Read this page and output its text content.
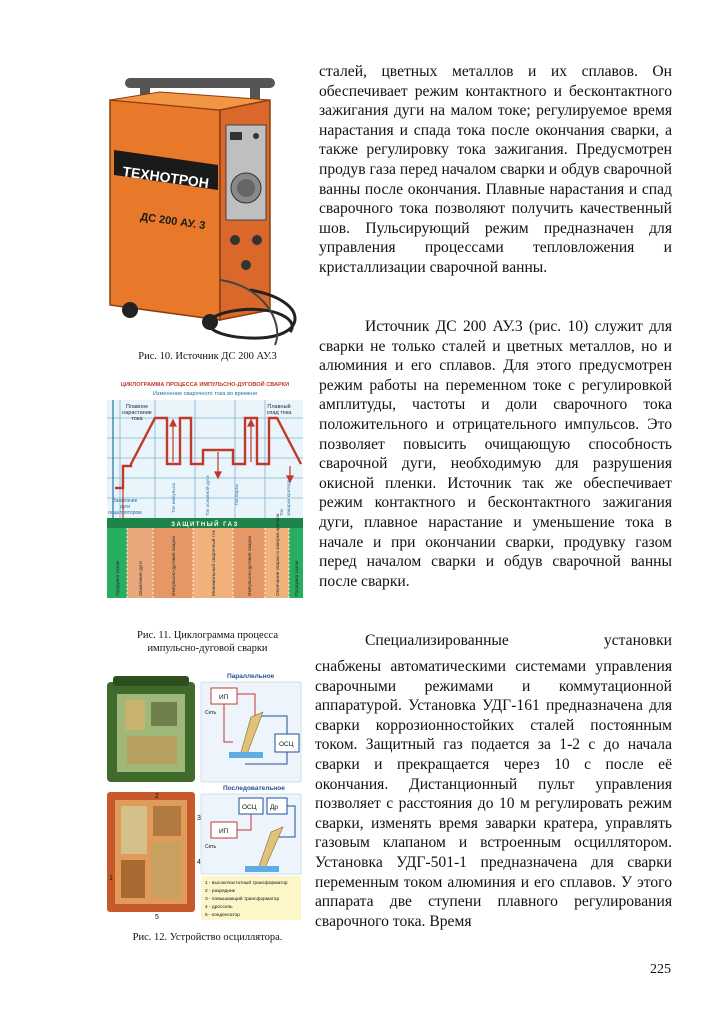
ТЕХНОТРОН
ДС 200 АУ. 3
Рис. 10. Источник ДС 200 АУ.3
ЦИКЛОГРАММА ПРОЦЕССА ИМПУЛЬСНО-ДУГОВОЙ СВАРКИ
Изменение сварочного тока во времени
Плавное
нарастание
тока
Плавный
спад тока
Зажигание
дуги
осциллятором	Ток импульса	Ток основной дуги	Ток паузы
Ток заварки кратера
ЗАЩИТНЫЙ ГАЗ
Продувка газом	Зажигание дуги	Импульсно-дуговая сварка	Минимальный сварочный ток	Импульсно-дуговая сварка	Окончание сварки и заварка кратера	Продувка газом
Рис. 11. Циклограмма процесса
импульсно-дуговой сварки
2
3
1
4
5
Параллельное
ИП
Сеть
ОСЦ
Последовательное
ОСЦ Др
ИП
Сеть
1 - высокочастотный трансформатор
2 - разрядник
3 - повышающий трансформатор
4 - дроссель
5 - конденсатор
Рис. 12. Устройство осциллятора.

сталей, цветных металлов и их сплавов. Он обеспечивает режим контактного и бесконтактного зажигания дуги на малом токе; регулируемое время нарастания и спада тока после окончания сварки, а также регулировку тока зажигания. Предусмотрен продув газа перед началом сварки и обдув сварочной ванны после окончания. Плавные нарастания и спад сварочного тока позволяют получить качественный шов. Пульсирующий режим предназначен для управления процессами тепловложения и кристаллизации сварочной ванны.

Источник ДС 200 АУ.3 (рис. 10) служит для сварки не только сталей и цветных металлов, но и алюминия и его сплавов. Для этого предусмотрен режим работы на переменном токе с регулировкой амплитуды, частоты и доли сварочного тока положительного и отрицательного импульсов. Это позволяет повысить очищающую способность сварочной дуги, необходимую для разрушения окисной пленки. Источник так же обеспечивает режим контактного и бесконтактного зажигания дуги, плавное нарастание и уменьшение тока в начале и при окончании сварки, продувку газом перед началом сварки и обдув сварочной ванны после сварки.

Специализированные	установки

снабжены автоматическими системами управления сварочными режимами и коммутационной аппаратурой. Установка УДГ-161 предназначена для сварки коррозионностойких сталей постоянным током. Защитный газ подается за 1-2 с до начала сварки и прекращается через 10 с после её окончания. Дистанционный пульт управления позволяет с расстояния до 10 м регулировать режим сварки, изменять время заварки кратера, управлять газовым клапаном и встроенным осциллятором. Установка УДГ-501-1 предназначена для сварки переменным током алюминия и его сплавов. У этого аппарата две ступени плавного регулирования сварочного тока. Время

225
